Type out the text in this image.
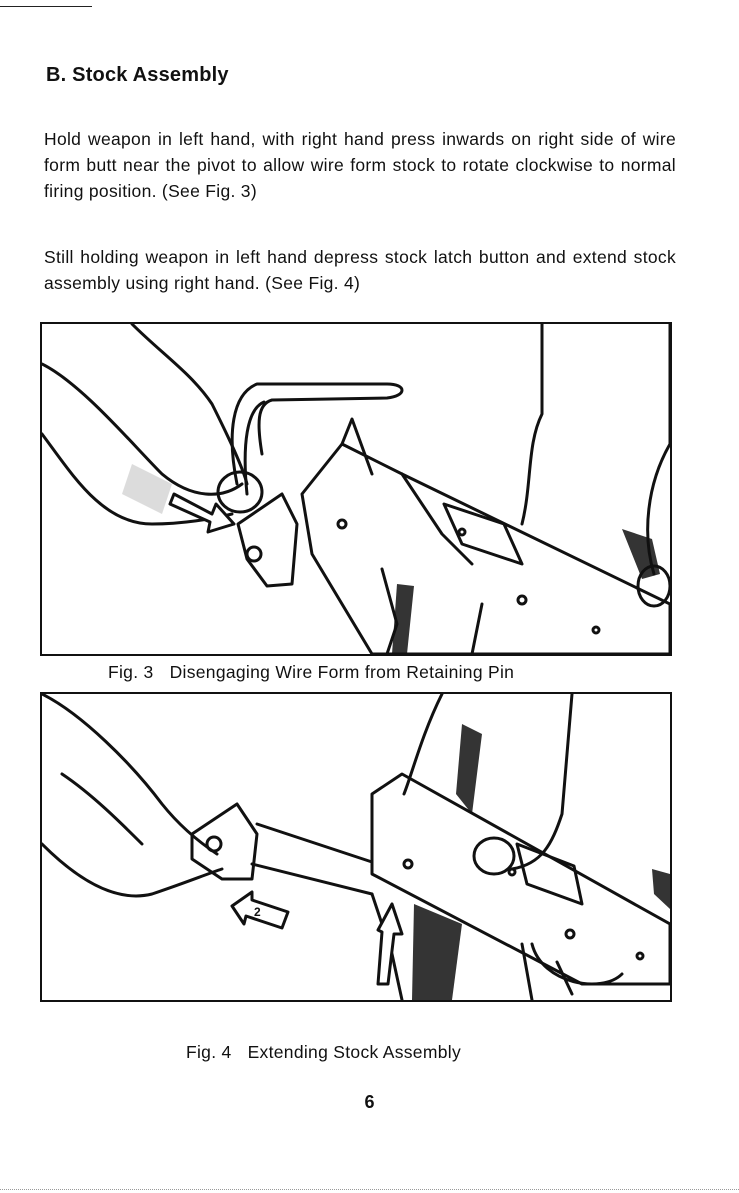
B. Stock Assembly

Hold weapon in left hand, with right hand press inwards on right side of wire form butt near the pivot to allow wire form stock to rotate clockwise to normal firing position. (See Fig. 3)

Still holding weapon in left hand depress stock latch button and extend stock assembly using right hand. (See Fig. 4)

Fig. 3 Disengaging Wire Form from Retaining Pin

2

Fig. 4 Extending Stock Assembly

6
